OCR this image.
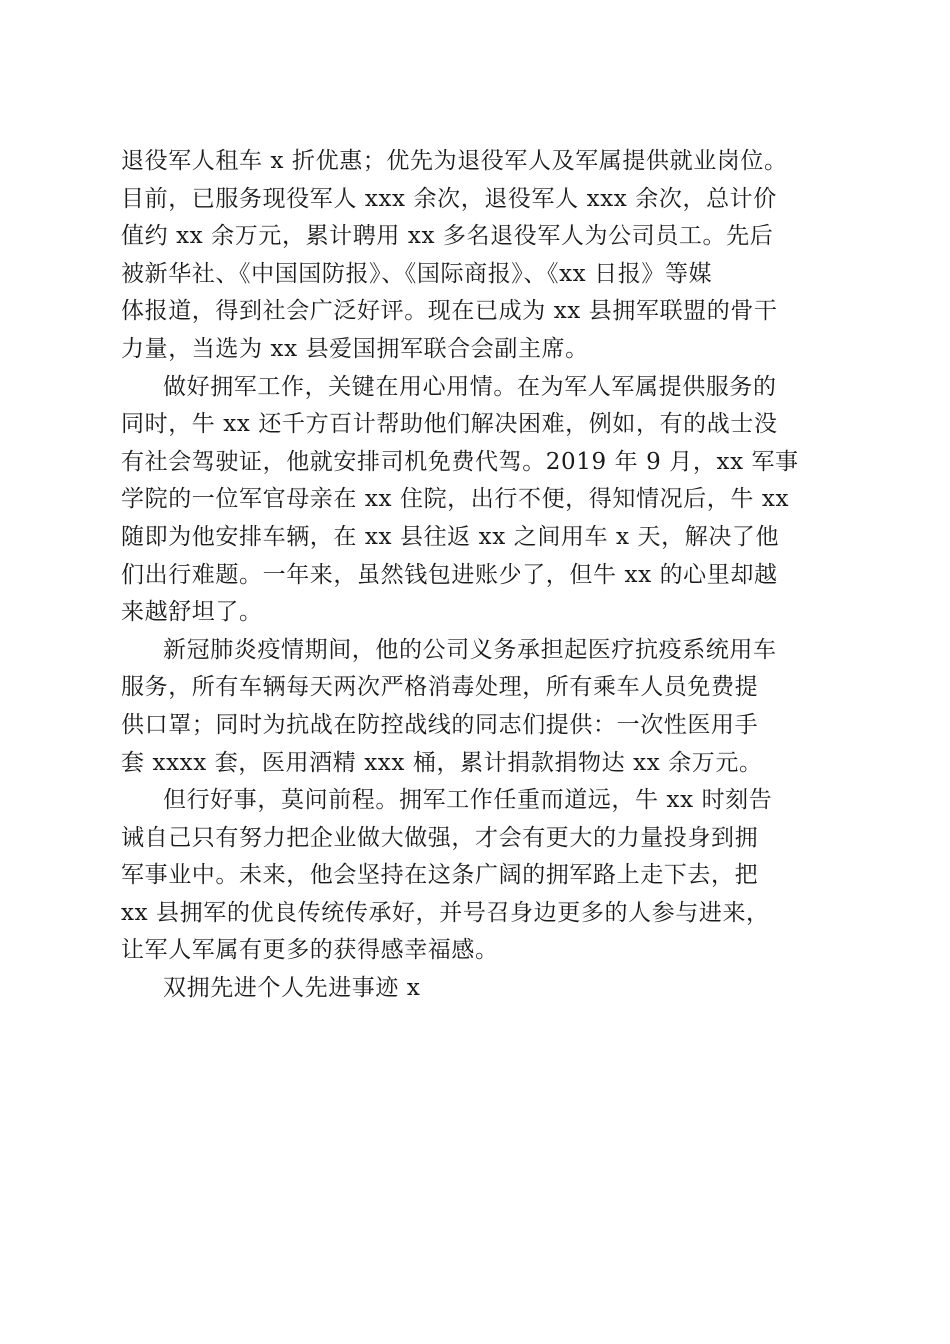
退役军人租车 x 折优惠；优先为退役军人及军属提供就业岗位。
目前，已服务现役军人 xxx 余次，退役军人 xxx 余次，总计价
值约 xx 余万元，累计聘用 xx 多名退役军人为公司员工。先后
被新华社、《中国国防报》、《国际商报》、《xx 日报》等媒
体报道，得到社会广泛好评。现在已成为 xx 县拥军联盟的骨干
力量，当选为 xx 县爱国拥军联合会副主席。

做好拥军工作，关键在用心用情。在为军人军属提供服务的
同时，牛 xx 还千方百计帮助他们解决困难，例如，有的战士没
有社会驾驶证，他就安排司机免费代驾。2019 年 9 月，xx 军事
学院的一位军官母亲在 xx 住院，出行不便，得知情况后，牛 xx
随即为他安排车辆，在 xx 县往返 xx 之间用车 x 天，解决了他
们出行难题。一年来，虽然钱包进账少了，但牛 xx 的心里却越
来越舒坦了。

新冠肺炎疫情期间，他的公司义务承担起医疗抗疫系统用车
服务，所有车辆每天两次严格消毒处理，所有乘车人员免费提
供口罩；同时为抗战在防控战线的同志们提供：一次性医用手
套 xxxx 套，医用酒精 xxx 桶，累计捐款捐物达 xx 余万元。

但行好事，莫问前程。拥军工作任重而道远，牛 xx 时刻告
诫自己只有努力把企业做大做强，才会有更大的力量投身到拥
军事业中。未来，他会坚持在这条广阔的拥军路上走下去，把
xx 县拥军的优良传统传承好，并号召身边更多的人参与进来，
让军人军属有更多的获得感幸福感。

双拥先进个人先进事迹 x
